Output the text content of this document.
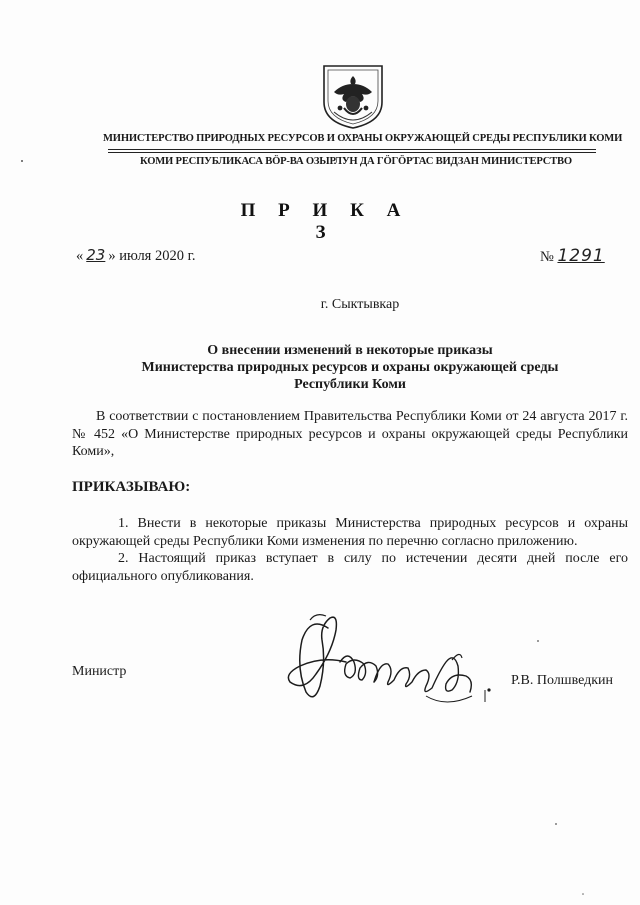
МИНИСТЕРСТВО ПРИРОДНЫХ РЕСУРСОВ И ОХРАНЫ ОКРУЖАЮЩЕЙ СРЕДЫ РЕСПУБЛИКИ КОМИ
КОМИ РЕСПУБЛИКАСА ВӦР-ВА ОЗЫРЛУН ДА ГӦГӦРТАС ВИДЗАН МИНИСТЕРСТВО
П Р И К А З
« 23 » июля 2020 г.	№ 1291
г. Сыктывкар
О внесении изменений в некоторые приказы
Министерства природных ресурсов и охраны окружающей среды
Республики Коми
В соответствии с постановлением Правительства Республики Коми от 24 августа 2017 г. № 452 «О Министерстве природных ресурсов и охраны окружающей среды Республики Коми»,
ПРИКАЗЫВАЮ:

1. Внести в некоторые приказы Министерства природных ресурсов и охраны окружающей среды Республики Коми изменения по перечню согласно приложению.

2. Настоящий приказ вступает в силу по истечении десяти дней после его официального опубликования.

Министр
Р.В. Полшведкин
